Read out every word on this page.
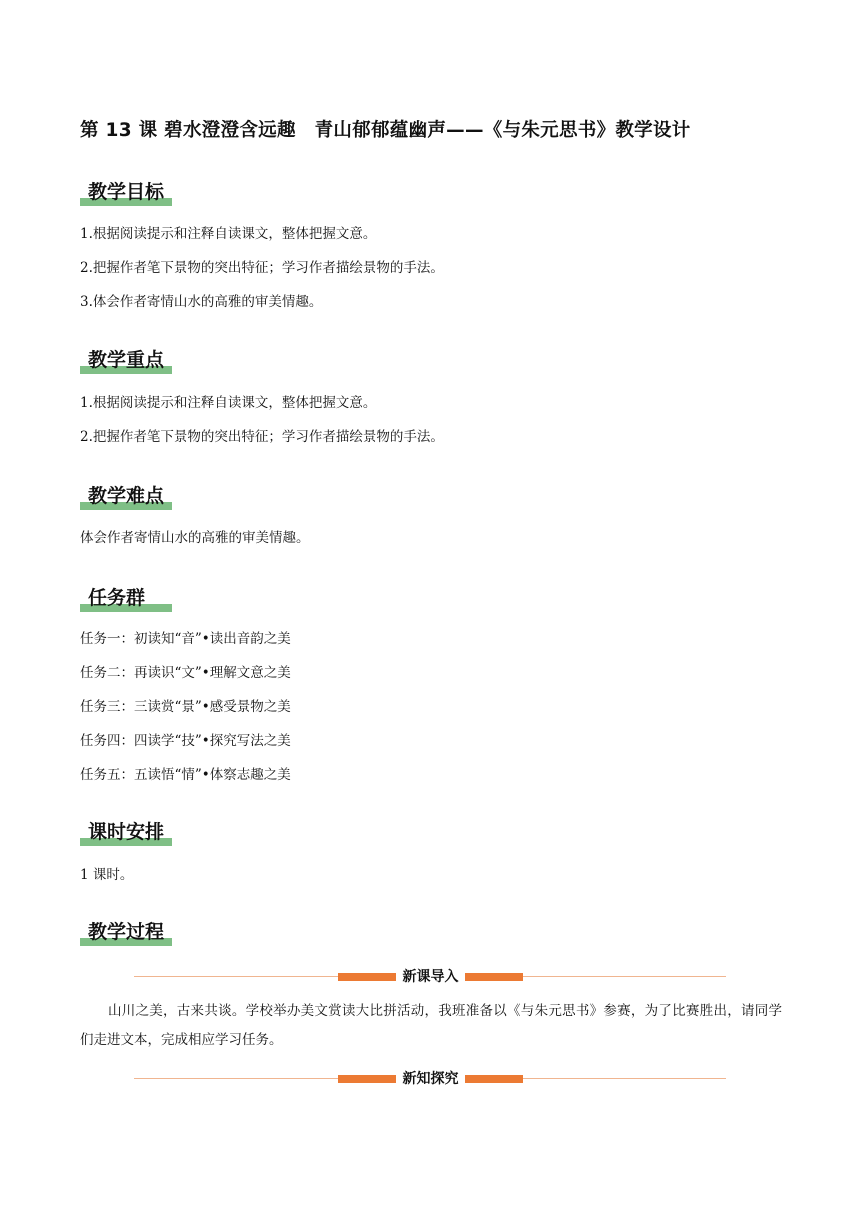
第 13 课 碧水澄澄含远趣　青山郁郁蕴幽声——《与朱元思书》教学设计
教学目标
1.根据阅读提示和注释自读课文，整体把握文意。
2.把握作者笔下景物的突出特征；学习作者描绘景物的手法。
3.体会作者寄情山水的高雅的审美情趣。
教学重点
1.根据阅读提示和注释自读课文，整体把握文意。
2.把握作者笔下景物的突出特征；学习作者描绘景物的手法。
教学难点
体会作者寄情山水的高雅的审美情趣。
任务群
任务一：初读知“音”•读出音韵之美
任务二：再读识“文”•理解文意之美
任务三：三读赏“景”•感受景物之美
任务四：四读学“技”•探究写法之美
任务五：五读悟“情”•体察志趣之美
课时安排
1 课时。
教学过程
新课导入
山川之美，古来共谈。学校举办美文赏读大比拼活动，我班准备以《与朱元思书》参赛，为了比赛胜出，请同学们走进文本，完成相应学习任务。
新知探究
